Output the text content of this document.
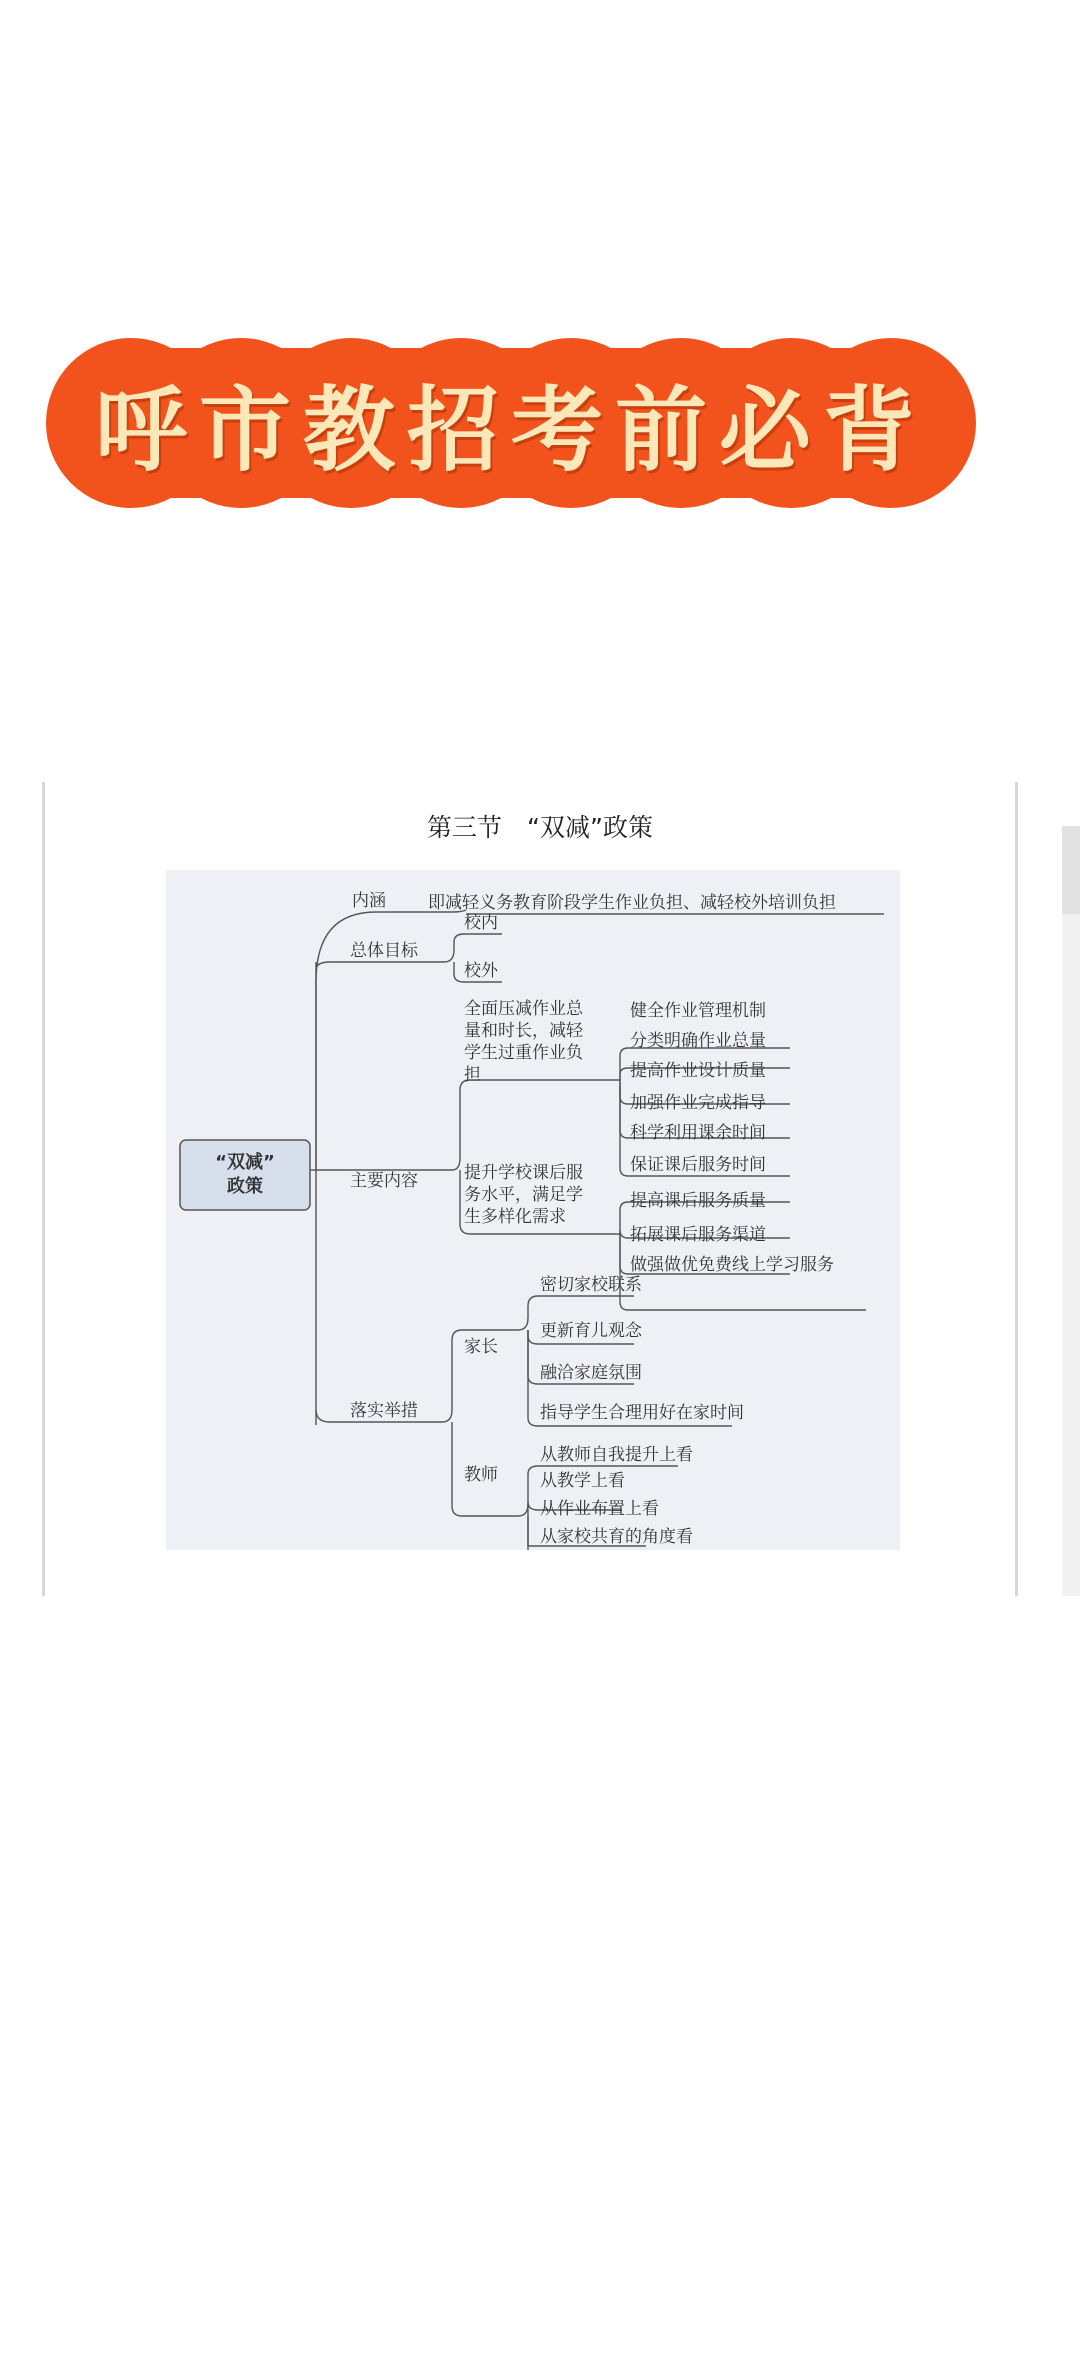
呼市教招考前必背
第三节　“双减”政策
“双减”
政策
内涵 即减轻义务教育阶段学生作业负担、减轻校外培训负担
总体目标
校内
校外
主要内容
全面压减作业总
量和时长，减轻
学生过重作业负
担
健全作业管理机制
分类明确作业总量
提高作业设计质量
加强作业完成指导
科学利用课余时间
提升学校课后服
务水平，满足学
生多样化需求
保证课后服务时间
提高课后服务质量
拓展课后服务渠道
做强做优免费线上学习服务
落实举措
家长
密切家校联系
更新育儿观念
融洽家庭氛围
指导学生合理用好在家时间
教师
从教师自我提升上看
从教学上看
从作业布置上看
从家校共育的角度看
